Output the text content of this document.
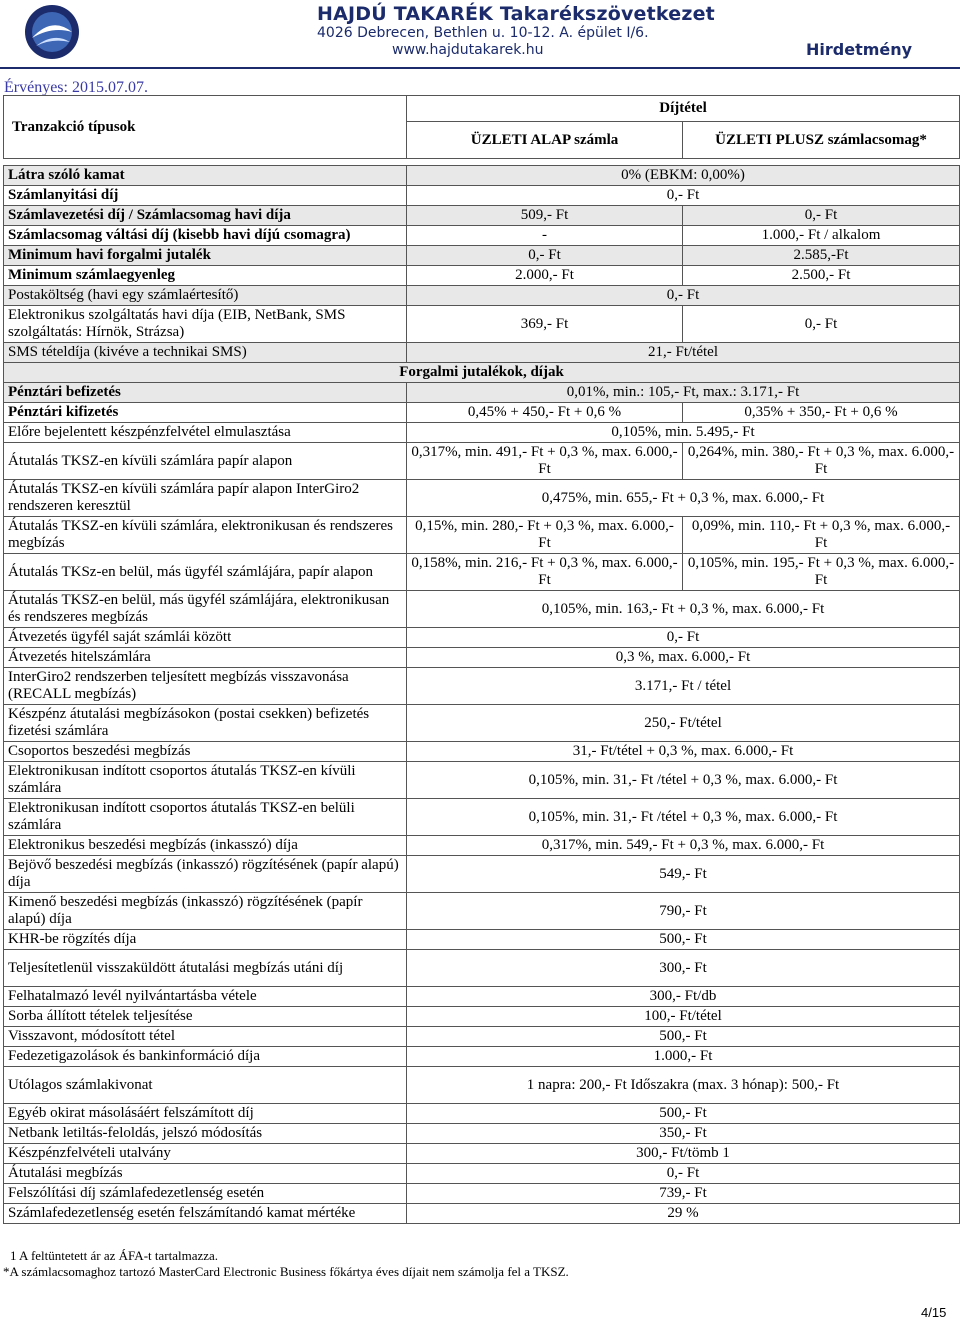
HAJDÚ TAKARÉK Takarékszövetkezet
4026 Debrecen, Bethlen u. 10-12. A. épület I/6.
www.hajdutakarek.hu	Hirdetmény
Érvényes: 2015.07.07.
Tranzakció típusok	Díjtétel	
	ÜZLETI ALAP számla	ÜZLETI PLUSZ számlacsomag*

Látra szóló kamat	0% (EBKM: 0,00%)	
Számlanyitási díj	0,- Ft	
Számlavezetési díj / Számlacsomag havi díja	509,- Ft	0,- Ft
Számlacsomag váltási díj (kisebb havi díjú csomagra)	-	1.000,- Ft / alkalom
Minimum havi forgalmi jutalék	0,- Ft	2.585,-Ft
Minimum számlaegyenleg	2.000,- Ft	2.500,- Ft
Postaköltség (havi egy számlaértesítő)	0,- Ft	
Elektronikus szolgáltatás havi díja (EIB, NetBank, SMS szolgáltatás: Hírnök, Strázsa)	369,- Ft	0,- Ft
SMS tételdíja (kivéve a technikai SMS)	21,- Ft/tétel	
Forgalmi jutalékok, díjak		
Pénztári befizetés	0,01%, min.: 105,- Ft, max.: 3.171,- Ft	
Pénztári kifizetés	0,45% + 450,- Ft + 0,6 %	0,35% + 350,- Ft + 0,6 %
Előre bejelentett készpénzfelvétel elmulasztása	0,105%, min. 5.495,- Ft	
Átutalás TKSZ-en kívüli számlára papír alapon	0,317%, min. 491,- Ft + 0,3 %, max. 6.000,- Ft	0,264%, min. 380,- Ft + 0,3 %, max. 6.000,- Ft
Átutalás TKSZ-en kívüli számlára papír alapon InterGiro2 rendszeren keresztül	0,475%, min. 655,- Ft + 0,3 %, max. 6.000,- Ft	
Átutalás TKSZ-en kívüli számlára, elektronikusan és rendszeres megbízás	0,15%, min. 280,- Ft + 0,3 %, max. 6.000,- Ft	0,09%, min. 110,- Ft + 0,3 %, max. 6.000,- Ft
Átutalás TKSz-en belül, más ügyfél számlájára, papír alapon	0,158%, min. 216,- Ft + 0,3 %, max. 6.000,- Ft	0,105%, min. 195,- Ft + 0,3 %, max. 6.000,- Ft
Átutalás TKSZ-en belül, más ügyfél számlájára, elektronikusan és rendszeres megbízás	0,105%, min. 163,- Ft + 0,3 %, max. 6.000,- Ft	
Átvezetés ügyfél saját számlái között	0,- Ft	
Átvezetés hitelszámlára	0,3 %, max. 6.000,- Ft	
InterGiro2 rendszerben teljesített megbízás visszavonása (RECALL megbízás)	3.171,- Ft / tétel	
Készpénz átutalási megbízásokon (postai csekken) befizetés fizetési számlára	250,- Ft/tétel	
Csoportos beszedési megbízás	31,- Ft/tétel + 0,3 %, max. 6.000,- Ft	
Elektronikusan indított csoportos átutalás TKSZ-en kívüli számlára	0,105%, min. 31,- Ft /tétel + 0,3 %, max. 6.000,- Ft	
Elektronikusan indított csoportos átutalás TKSZ-en belüli számlára	0,105%, min. 31,- Ft /tétel + 0,3 %, max. 6.000,- Ft	
Elektronikus beszedési megbízás (inkasszó) díja	0,317%, min. 549,- Ft + 0,3 %, max. 6.000,- Ft	
Bejövő beszedési megbízás (inkasszó) rögzítésének (papír alapú) díja	549,- Ft	
Kimenő beszedési megbízás (inkasszó) rögzítésének (papír alapú) díja	790,- Ft	
KHR-be rögzítés díja	500,- Ft	
Teljesítetlenül visszaküldött átutalási megbízás utáni díj	300,- Ft	
Felhatalmazó levél nyilvántartásba vétele	300,- Ft/db	
Sorba állított tételek teljesítése	100,- Ft/tétel	
Visszavont, módosított tétel	500,- Ft	
Fedezetigazolások és bankinformáció díja	1.000,- Ft	
Utólagos számlakivonat	1 napra: 200,- Ft Időszakra (max. 3 hónap): 500,- Ft	
Egyéb okirat másolásáért felszámított díj	500,- Ft	
Netbank letiltás-feloldás, jelszó módosítás	350,- Ft	
Készpénzfelvételi utalvány	300,- Ft/tömb 1	
Átutalási megbízás	0,- Ft	
Felszólítási díj számlafedezetlenség esetén	739,- Ft	
Számlafedezetlenség esetén felszámítandó kamat mértéke	29 %	
1 A feltüntetett ár az ÁFA-t tartalmazza.
*A számlacsomaghoz tartozó MasterCard Electronic Business főkártya éves díjait nem számolja fel a TKSZ.
4/15
